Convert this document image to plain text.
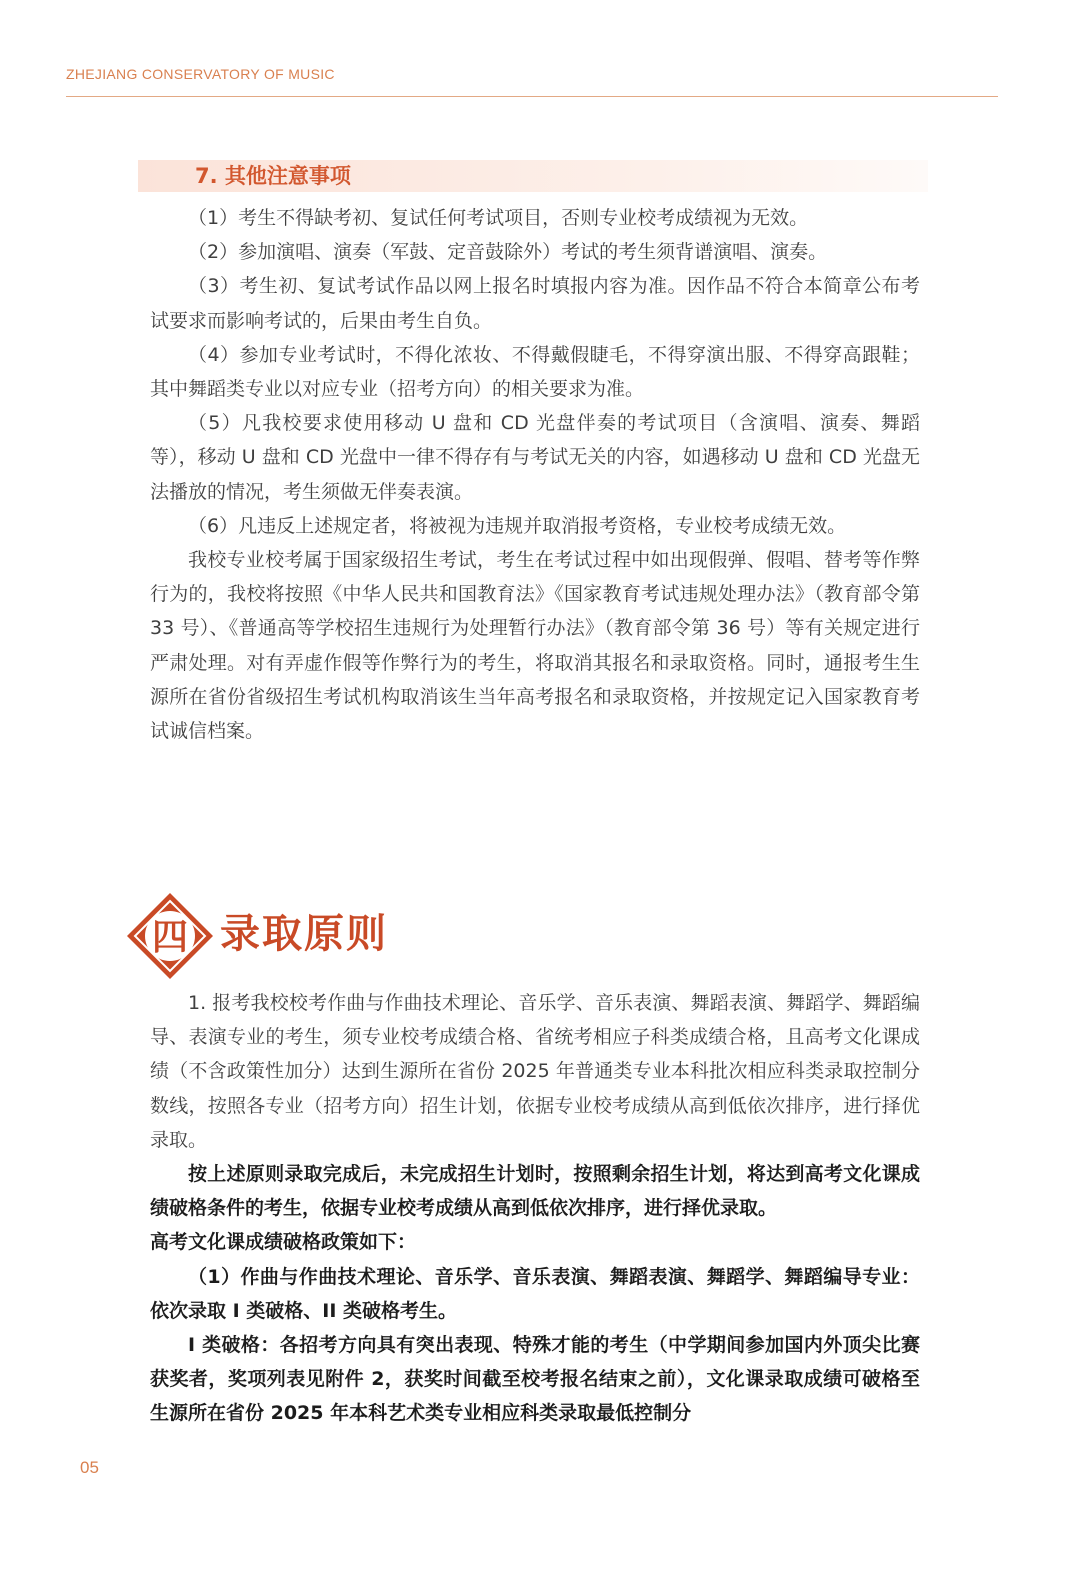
ZHEJIANG CONSERVATORY OF MUSIC
7. 其他注意事项

（1）考生不得缺考初、复试任何考试项目，否则专业校考成绩视为无效。

（2）参加演唱、演奏（军鼓、定音鼓除外）考试的考生须背谱演唱、演奏。

（3）考生初、复试考试作品以网上报名时填报内容为准。因作品不符合本简章公布考试要求而影响考试的，后果由考生自负。

（4）参加专业考试时，不得化浓妆、不得戴假睫毛，不得穿演出服、不得穿高跟鞋；其中舞蹈类专业以对应专业（招考方向）的相关要求为准。

（5）凡我校要求使用移动 U 盘和 CD 光盘伴奏的考试项目（含演唱、演奏、舞蹈等），移动 U 盘和 CD 光盘中一律不得存有与考试无关的内容，如遇移动 U 盘和 CD 光盘无法播放的情况，考生须做无伴奏表演。

（6）凡违反上述规定者，将被视为违规并取消报考资格，专业校考成绩无效。

我校专业校考属于国家级招生考试，考生在考试过程中如出现假弹、假唱、替考等作弊行为的，我校将按照《中华人民共和国教育法》《国家教育考试违规处理办法》（教育部令第 33 号）、《普通高等学校招生违规行为处理暂行办法》（教育部令第 36 号）等有关规定进行严肃处理。对有弄虚作假等作弊行为的考生，将取消其报名和录取资格。同时，通报考生生源所在省份省级招生考试机构取消该生当年高考报名和录取资格，并按规定记入国家教育考试诚信档案。

四 录取原则

1. 报考我校校考作曲与作曲技术理论、音乐学、音乐表演、舞蹈表演、舞蹈学、舞蹈编导、表演专业的考生，须专业校考成绩合格、省统考相应子科类成绩合格，且高考文化课成绩（不含政策性加分）达到生源所在省份 2025 年普通类专业本科批次相应科类录取控制分数线，按照各专业（招考方向）招生计划，依据专业校考成绩从高到低依次排序，进行择优录取。

按上述原则录取完成后，未完成招生计划时，按照剩余招生计划，将达到高考文化课成绩破格条件的考生，依据专业校考成绩从高到低依次排序，进行择优录取。

高考文化课成绩破格政策如下：

（1）作曲与作曲技术理论、音乐学、音乐表演、舞蹈表演、舞蹈学、舞蹈编导专业：依次录取 I 类破格、II 类破格考生。

I 类破格：各招考方向具有突出表现、特殊才能的考生（中学期间参加国内外顶尖比赛获奖者，奖项列表见附件 2，获奖时间截至校考报名结束之前），文化课录取成绩可破格至生源所在省份 2025 年本科艺术类专业相应科类录取最低控制分

05
